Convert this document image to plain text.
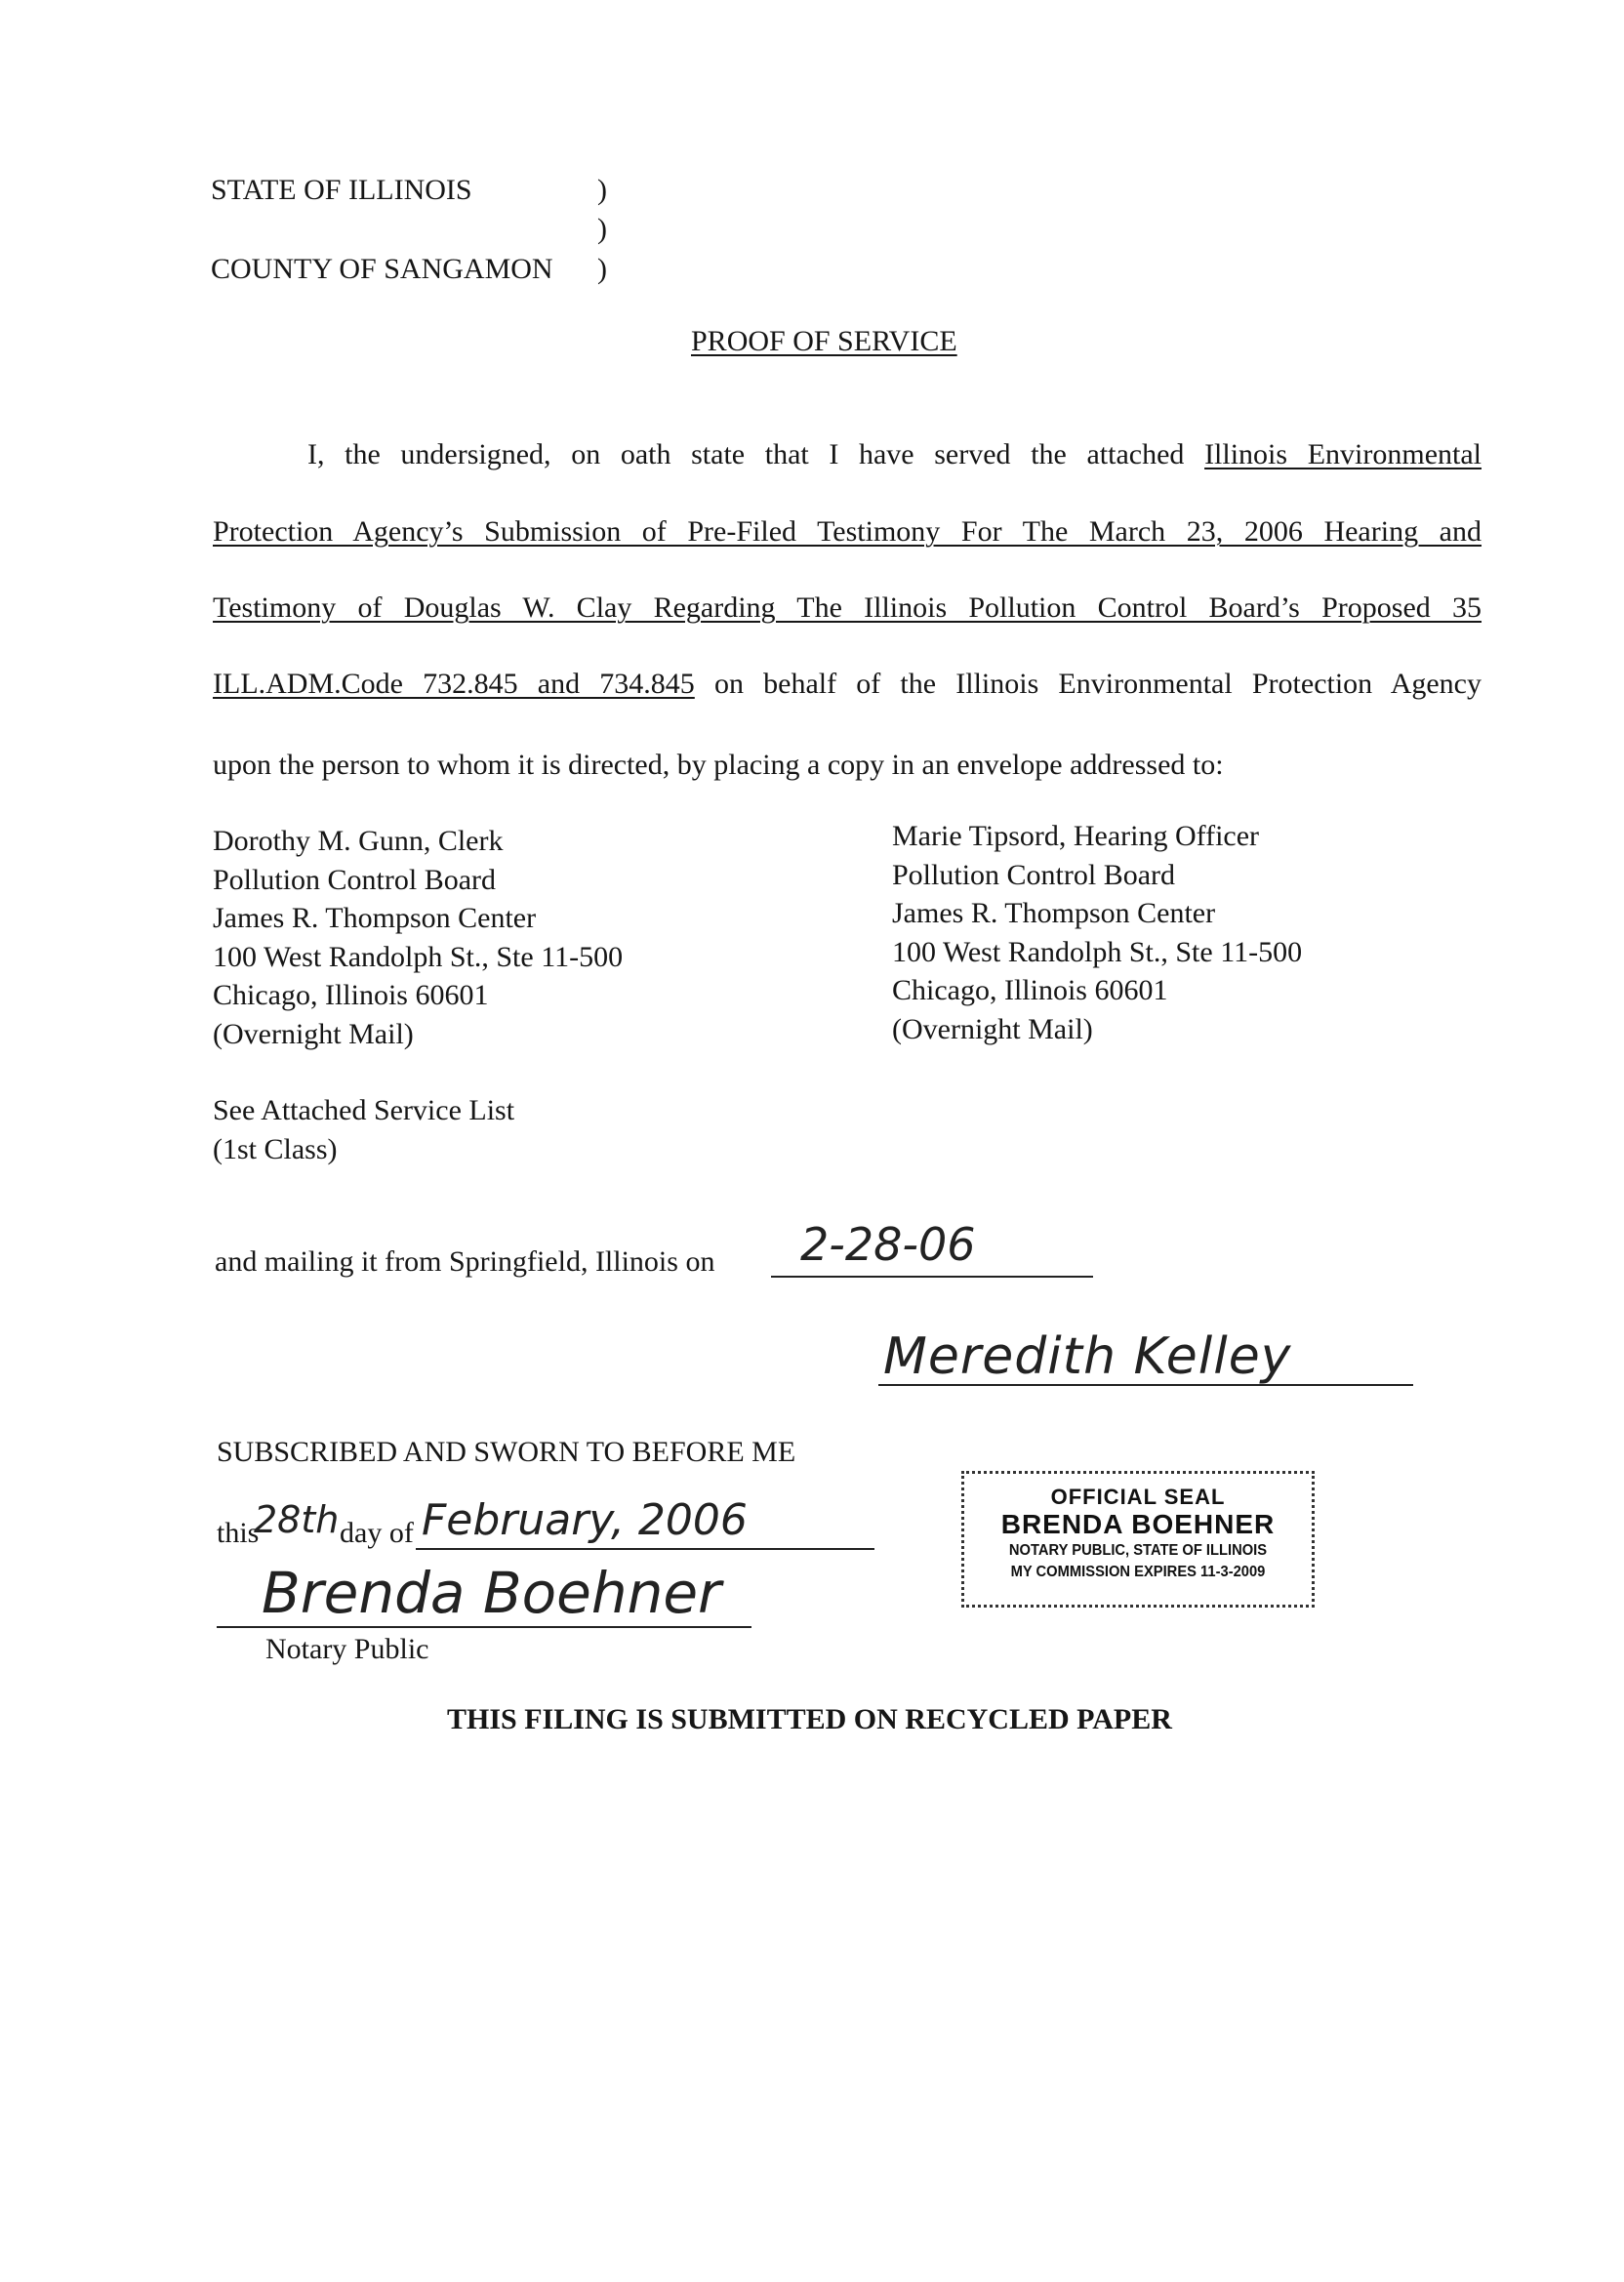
STATE OF ILLINOIS	)
)
COUNTY OF SANGAMON )
PROOF OF SERVICE
I, the undersigned, on oath state that I have served the attached Illinois Environmental
Protection Agency’s Submission of Pre-Filed Testimony For The March 23, 2006 Hearing and
Testimony of Douglas W. Clay Regarding The Illinois Pollution Control Board’s Proposed 35
ILL.ADM.Code 732.845 and 734.845 on behalf of the Illinois Environmental Protection Agency
upon the person to whom it is directed, by placing a copy in an envelope addressed to:
Dorothy M. Gunn, Clerk
Pollution Control Board
James R. Thompson Center
100 West Randolph St., Ste 11-500
Chicago, Illinois 60601
(Overnight Mail)
Marie Tipsord, Hearing Officer
Pollution Control Board
James R. Thompson Center
100 West Randolph St., Ste 11-500
Chicago, Illinois 60601
(Overnight Mail)
See Attached Service List
(1st Class)
and mailing it from Springfield, Illinois on 2-28-06
Meredith Kelley
SUBSCRIBED AND SWORN TO BEFORE ME
this
28th day of February, 2006
Brenda Boehner
Notary Public
OFFICIAL SEAL
BRENDA BOEHNER
NOTARY PUBLIC, STATE OF ILLINOIS
MY COMMISSION EXPIRES 11-3-2009
THIS FILING IS SUBMITTED ON RECYCLED PAPER
